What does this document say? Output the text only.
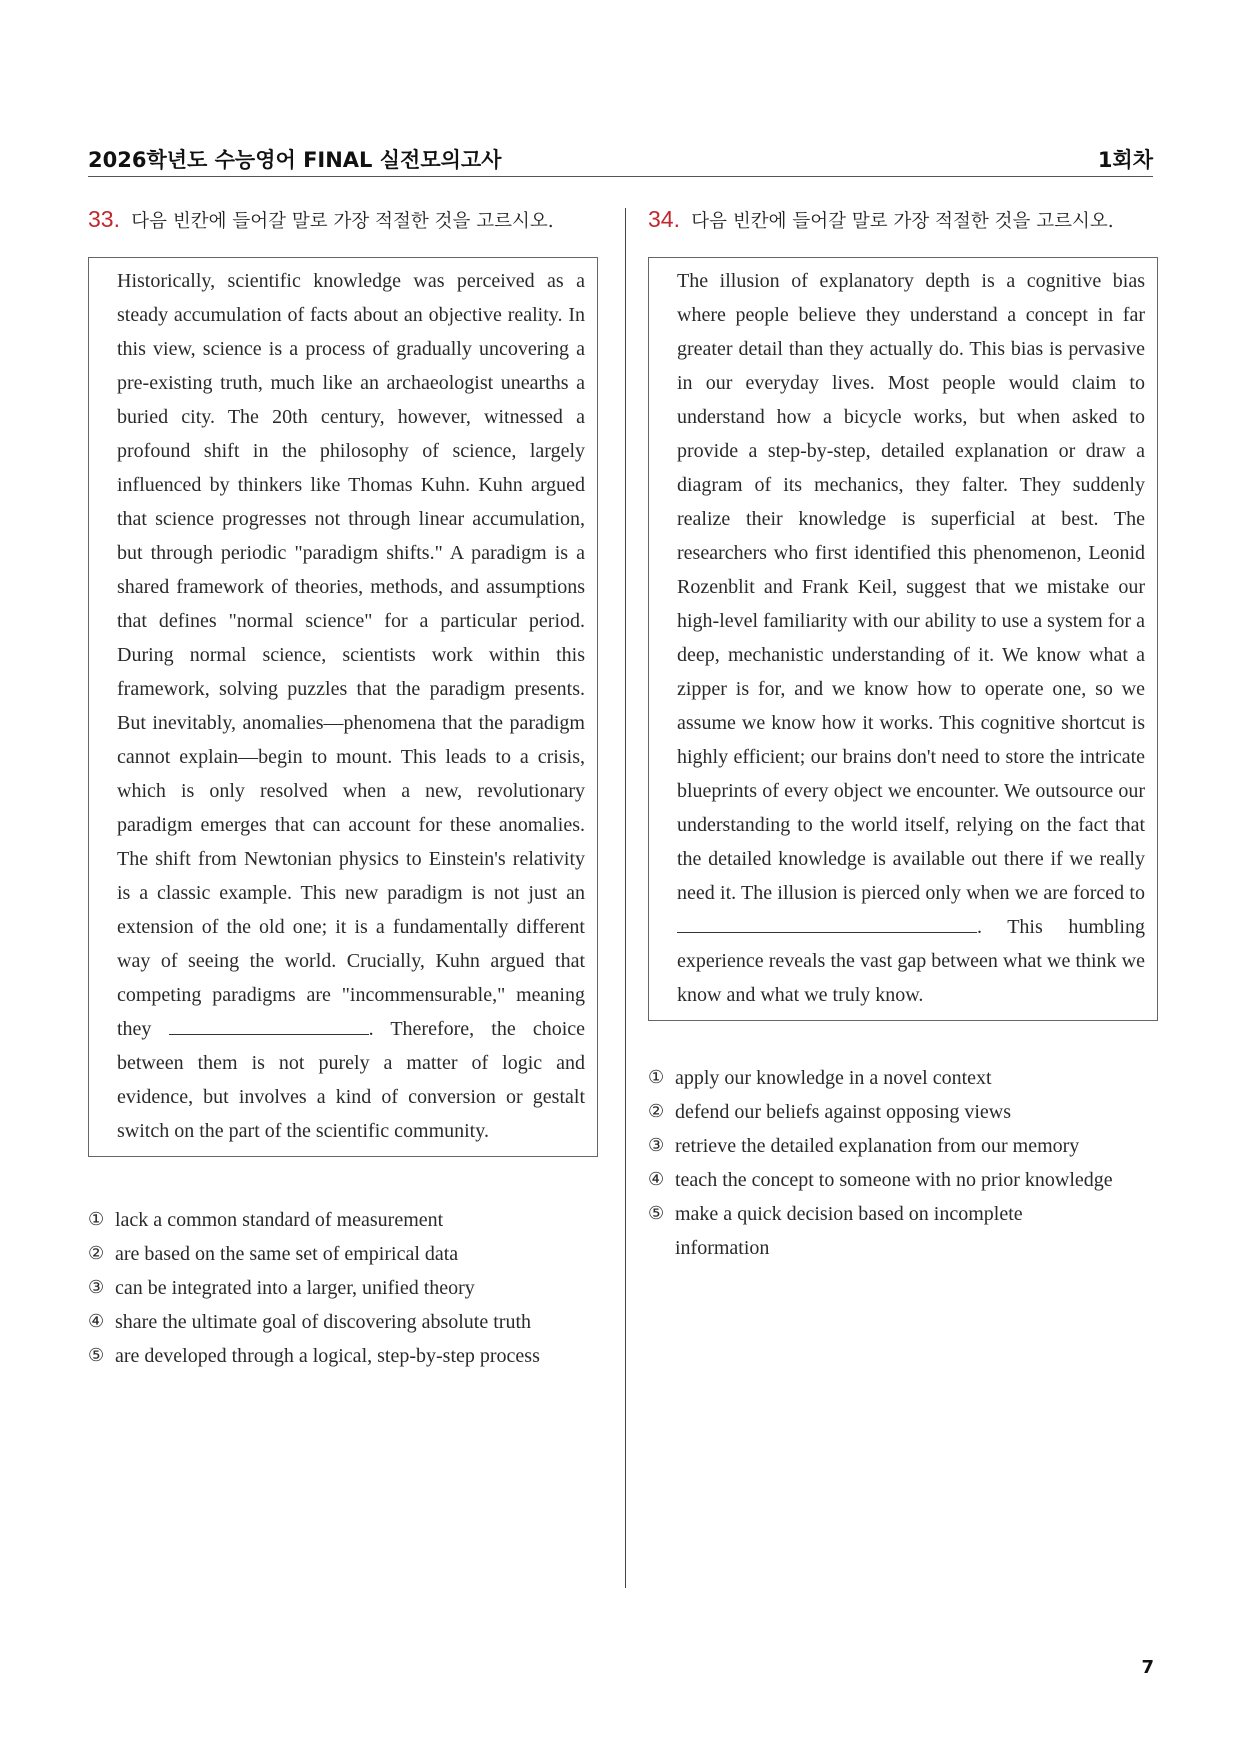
2026학년도 수능영어 FINAL 실전모의고사	1회차
33. 다음 빈칸에 들어갈 말로 가장 적절한 것을 고르시오.
Historically, scientific knowledge was perceived as a steady accumulation of facts about an objective reality. In this view, science is a process of gradually uncovering a pre-existing truth, much like an archaeologist unearths a buried city. The 20th century, however, witnessed a profound shift in the philosophy of science, largely influenced by thinkers like Thomas Kuhn. Kuhn argued that science progresses not through linear accumulation, but through periodic "paradigm shifts." A paradigm is a shared framework of theories, methods, and assumptions that defines "normal science" for a particular period. During normal science, scientists work within this framework, solving puzzles that the paradigm presents. But inevitably, anomalies—phenomena that the paradigm cannot explain—begin to mount. This leads to a crisis, which is only resolved when a new, revolutionary paradigm emerges that can account for these anomalies. The shift from Newtonian physics to Einstein's relativity is a classic example. This new paradigm is not just an extension of the old one; it is a fundamentally different way of seeing the world. Crucially, Kuhn argued that competing paradigms are "incommensurable," meaning they	. Therefore, the choice between them is not purely a matter of logic and evidence, but involves a kind of conversion or gestalt switch on the part of the scientific community.
① lack a common standard of measurement
② are based on the same set of empirical data
③ can be integrated into a larger, unified theory
④ share the ultimate goal of discovering absolute truth
⑤ are developed through a logical, step-by-step process
34. 다음 빈칸에 들어갈 말로 가장 적절한 것을 고르시오.
The illusion of explanatory depth is a cognitive bias where people believe they understand a concept in far greater detail than they actually do. This bias is pervasive in our everyday lives. Most people would claim to understand how a bicycle works, but when asked to provide a step-by-step, detailed explanation or draw a diagram of its mechanics, they falter. They suddenly realize their knowledge is superficial at best. The researchers who first identified this phenomenon, Leonid Rozenblit and Frank Keil, suggest that we mistake our high-level familiarity with our ability to use a system for a deep, mechanistic understanding of it. We know what a zipper is for, and we know how to operate one, so we assume we know how it works. This cognitive shortcut is highly efficient; our brains don't need to store the intricate blueprints of every object we encounter. We outsource our understanding to the world itself, relying on the fact that the detailed knowledge is available out there if we really need it. The illusion is pierced only when we are forced to . This humbling experience reveals the vast gap between what we think we know and what we truly know.
① apply our knowledge in a novel context
② defend our beliefs against opposing views
③ retrieve the detailed explanation from our memory
④ teach the concept to someone with no prior knowledge
⑤ make a quick decision based on incomplete information
7
